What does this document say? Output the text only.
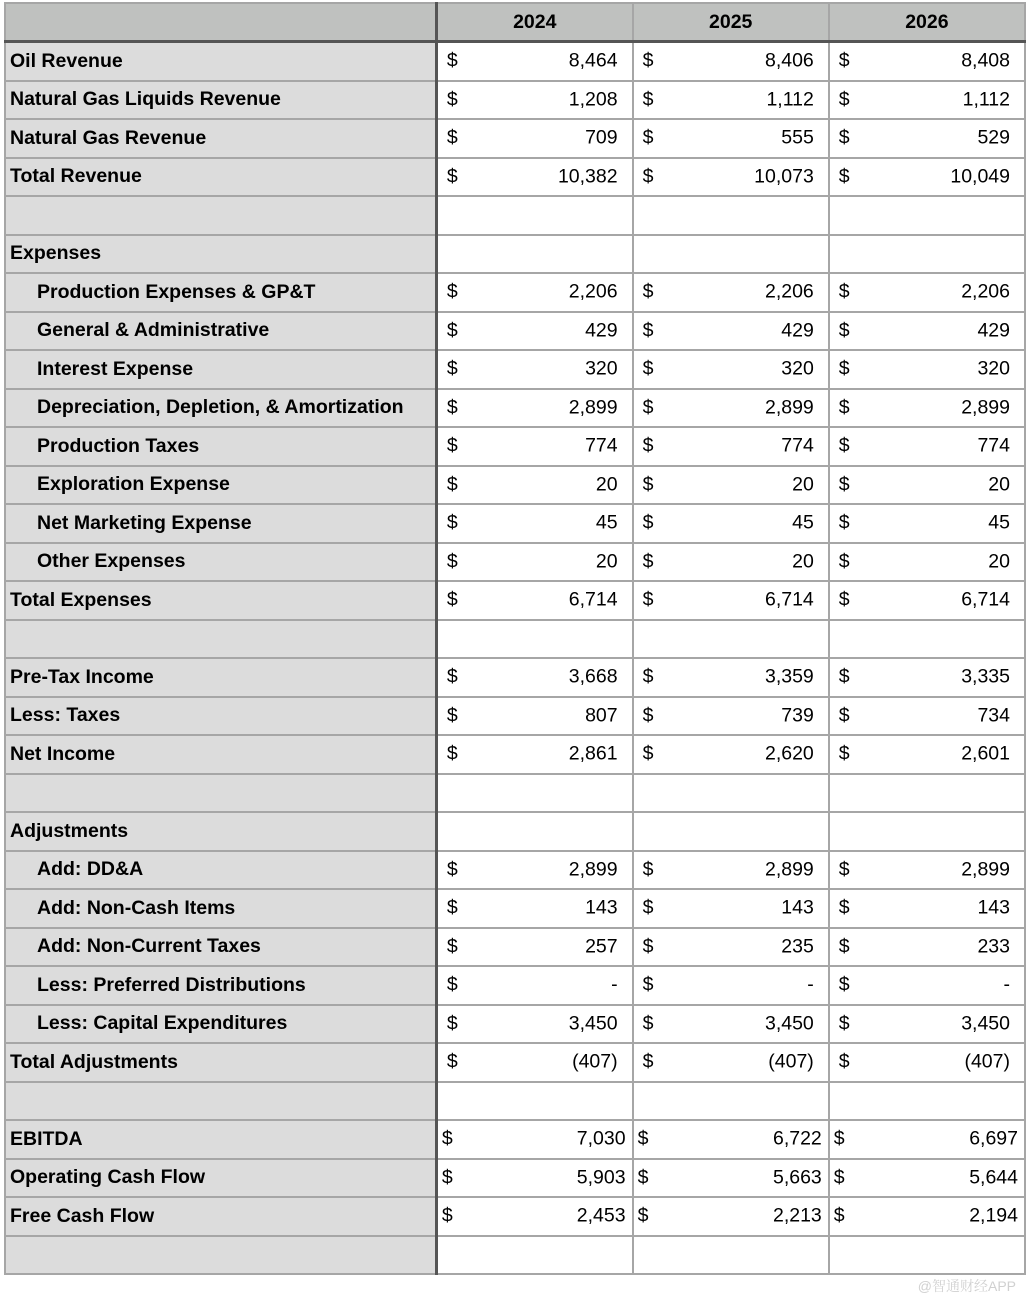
	2024	2025	2026
Oil Revenue	$ 8,464	$ 8,406	$ 8,408

Natural Gas Liquids Revenue	$ 1,208	$ 1,112	$ 1,112

Natural Gas Revenue	$ 709	$ 555	$ 529

Total Revenue	$ 10,382	$ 10,073	$ 10,049

Expenses			
Production Expenses & GP&T	$ 2,206	$ 2,206	$ 2,206

General & Administrative	$ 429	$ 429	$ 429

Interest Expense	$ 320	$ 320	$ 320

Depreciation, Depletion, & Amortization	$ 2,899	$ 2,899	$ 2,899

Production Taxes	$ 774	$ 774	$ 774

Exploration Expense	$ 20	$ 20	$ 20

Net Marketing Expense	$ 45	$ 45	$ 45

Other Expenses	$ 20	$ 20	$ 20

Total Expenses	$ 6,714	$ 6,714	$ 6,714

Pre-Tax Income	$ 3,668	$ 3,359	$ 3,335

Less: Taxes	$ 807	$ 739	$ 734

Net Income	$ 2,861	$ 2,620	$ 2,601

Adjustments			
Add: DD&A	$ 2,899	$ 2,899	$ 2,899

Add: Non-Cash Items	$ 143	$ 143	$ 143

Add: Non-Current Taxes	$ 257	$ 235	$ 233

Less: Preferred Distributions	$ -	$ -	$ -

Less: Capital Expenditures	$ 3,450	$ 3,450	$ 3,450

Total Adjustments	$ (407)	$ (407)	$ (407)

EBITDA	$ 7,030	$ 6,722	$ 6,697

Operating Cash Flow	$ 5,903	$ 5,663	$ 5,644

Free Cash Flow	$ 2,453	$ 2,213	$ 2,194

@智通财经APP
